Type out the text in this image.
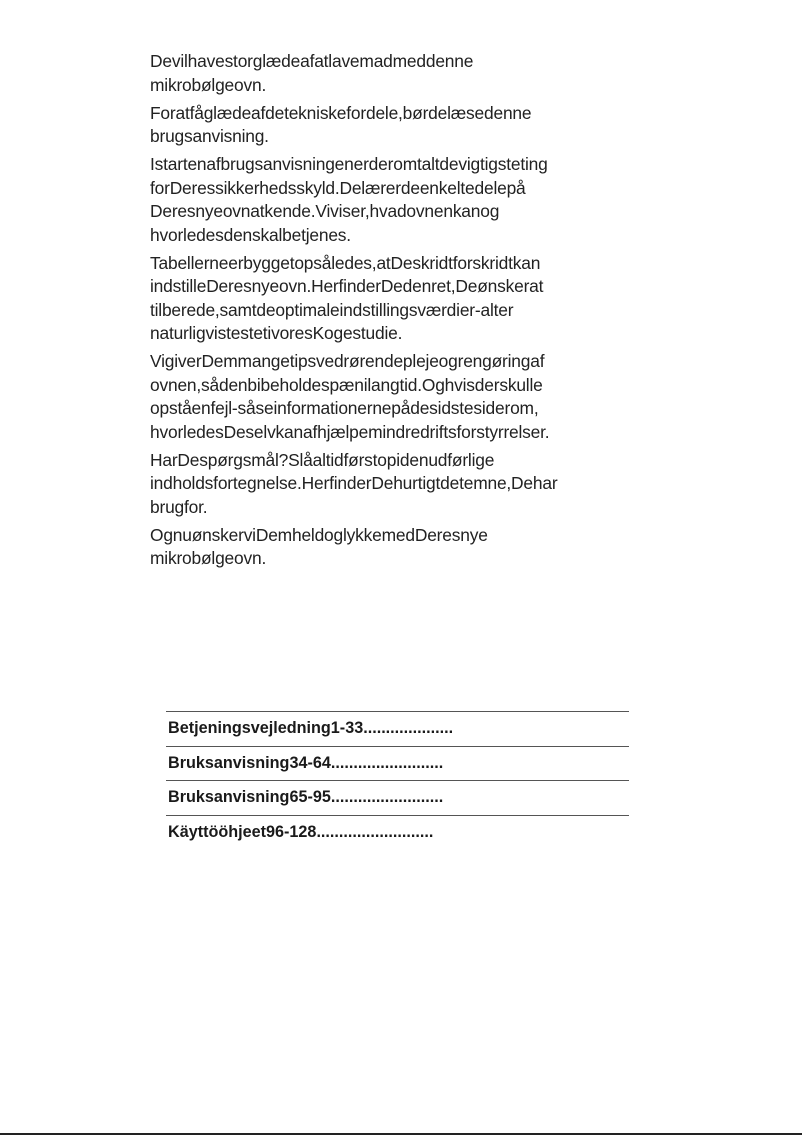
Devilhavestorglædeafatlavemadmeddenne
mikrobølgeovn.

Foratfåglædeafdetekniskefordele,børdelæsedenne
brugsanvisning.

Istartenafbrugsanvisningenerderomtaltdevigtigsteting
forDeressikkerhedsskyld.Delærerdeenkeltedelepå
Deresnyeovnatkende.Viviser,hvadovnenkanog
hvorledesdenskalbetjenes.

Tabellerneerbyggetopsåledes,atDeskridtforskridtkan
indstilleDeresnyeovn.HerfinderDedenret,Deønskerat
tilberede,samtdeoptimaleindstillingsværdier-alter
naturligvistestetivoresKogestudie.

VigiverDemmangetipsvedrørendeplejeogrengøringaf
ovnen,sådenbibeholdespænilangtid.Oghvisderskulle
opståenfejl-såseinformationernepådesidstesiderom,
hvorledesDeselvkanafhjælpemindredriftsforstyrrelser.

HarDespørgsmål?Slåaltidførstopidenudførlige
indholdsfortegnelse.HerfinderDehurtigtdetemne,Dehar
brugfor.

OgnuønskerviDemheldoglykkemedDeresnye
mikrobølgeovn.

Betjeningsvejledning1-33....................
Bruksanvisning34-64.........................
Bruksanvisning65-95.........................
Käyttööhjeet96-128..........................
